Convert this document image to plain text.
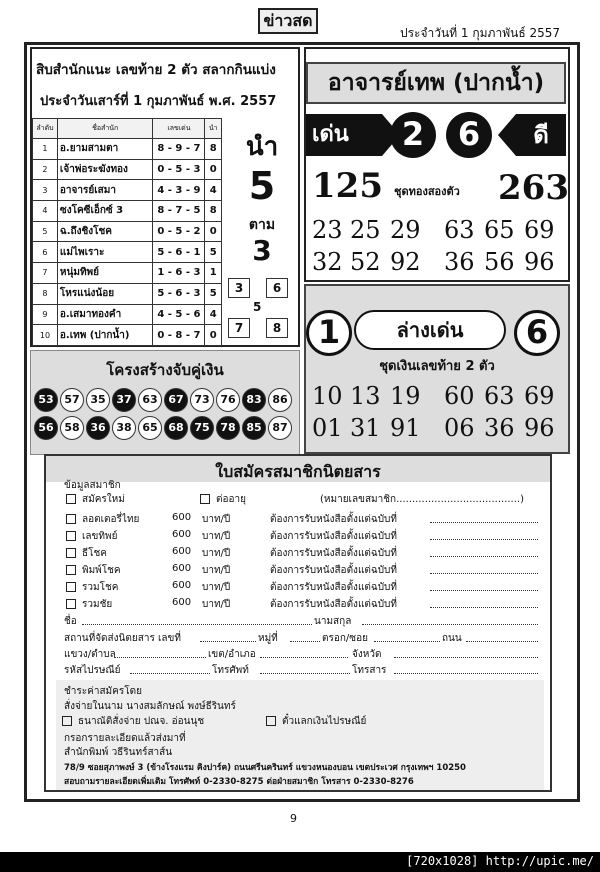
ข่าวสด
ประจำวันที่ 1 กุมภาพันธ์ 2557
สิบสำนักแนะ เลขท้าย 2 ตัว สลากกินแบ่ง
ประจำวันเสาร์ที่ 1 กุมภาพันธ์ พ.ศ. 2557
ลำดับ	ชื่อสำนัก	เลขเด่น	นำ
1	อ.ยามสามตา	8 - 9 - 7	8
2	เจ้าพ่อระฆังทอง	0 - 5 - 3	0
3	อาจารย์เสมา	4 - 3 - 9	4
4	ซงโคซีเอ็กซ์ 3	8 - 7 - 5	8
5	ฉ.ถึงชิงโชค	0 - 5 - 2	0
6	แม่ไพเราะ	5 - 6 - 1	5
7	หนุ่มทิพย์	1 - 6 - 3	1
8	โหรแน่งน้อย	5 - 6 - 3	5
9	อ.เสมาทองคำ	4 - 5 - 6	4
10	อ.เทพ (ปากน้ำ)	0 - 8 - 7	0
นำ
5
ตาม
3
3	6
5
7	8
โครงสร้างจับคู่เงิน
53 57 35 37 63 67 73 76 83 86
56 58 36 38 65 68 75 78 85 87
อาจารย์เทพ (ปากน้ำ)
เด่น	2	6	ดี
125 ชุดทองสองตัว 263
23 25 29 63 65 69
32 52 92 36 56 96
1	ล่างเด่น	6
ชุดเงินเลขท้าย 2 ตัว
10 13 19 60 63 69
01 31 91 06 36 96
ใบสมัครสมาชิกนิตยสาร
ข้อมูลสมาชิก
สมัครใหม่	ต่ออายุ	(หมายเลขสมาชิก.......................................)
ลอตเตอรี่ไทย	600 บาท/ปี	ต้องการรับหนังสือตั้งแต่ฉบับที่
เลขทิพย์	600 บาท/ปี	ต้องการรับหนังสือตั้งแต่ฉบับที่
ธีโชค	600 บาท/ปี	ต้องการรับหนังสือตั้งแต่ฉบับที่
พิมพ์โชค	600 บาท/ปี	ต้องการรับหนังสือตั้งแต่ฉบับที่
รวมโชค	600 บาท/ปี	ต้องการรับหนังสือตั้งแต่ฉบับที่
รวมชัย	600 บาท/ปี	ต้องการรับหนังสือตั้งแต่ฉบับที่
ชื่อ	นามสกุล
สถานที่จัดส่งนิตยสาร เลขที่	หมู่ที่	ตรอก/ซอย	ถนน
แขวง/ตำบล	เขต/อำเภอ	จังหวัด
รหัสไปรษณีย์	โทรศัพท์	โทรสาร
ชำระค่าสมัครโดย
สั่งจ่ายในนาม นางสมลักษณ์ พงษ์ธีรินทร์
ธนาณัติสั่งจ่าย ปณจ. อ่อนนุช	ตั๋วแลกเงินไปรษณีย์
กรอกรายละเอียดแล้วส่งมาที่
สำนักพิมพ์ วธีรินทร์สาส์น
78/9 ซอยสุภาพงษ์ 3 (ข้างโรงแรม คิงปาร์ค) ถนนศรีนครินทร์ แขวงหนองบอน เขตประเวศ กรุงเทพฯ 10250
สอบถามรายละเอียดเพิ่มเติม โทรศัพท์ 0-2330-8275 ต่อฝ่ายสมาชิก โทรสาร 0-2330-8276
9
[720x1028] http://upic.me/
